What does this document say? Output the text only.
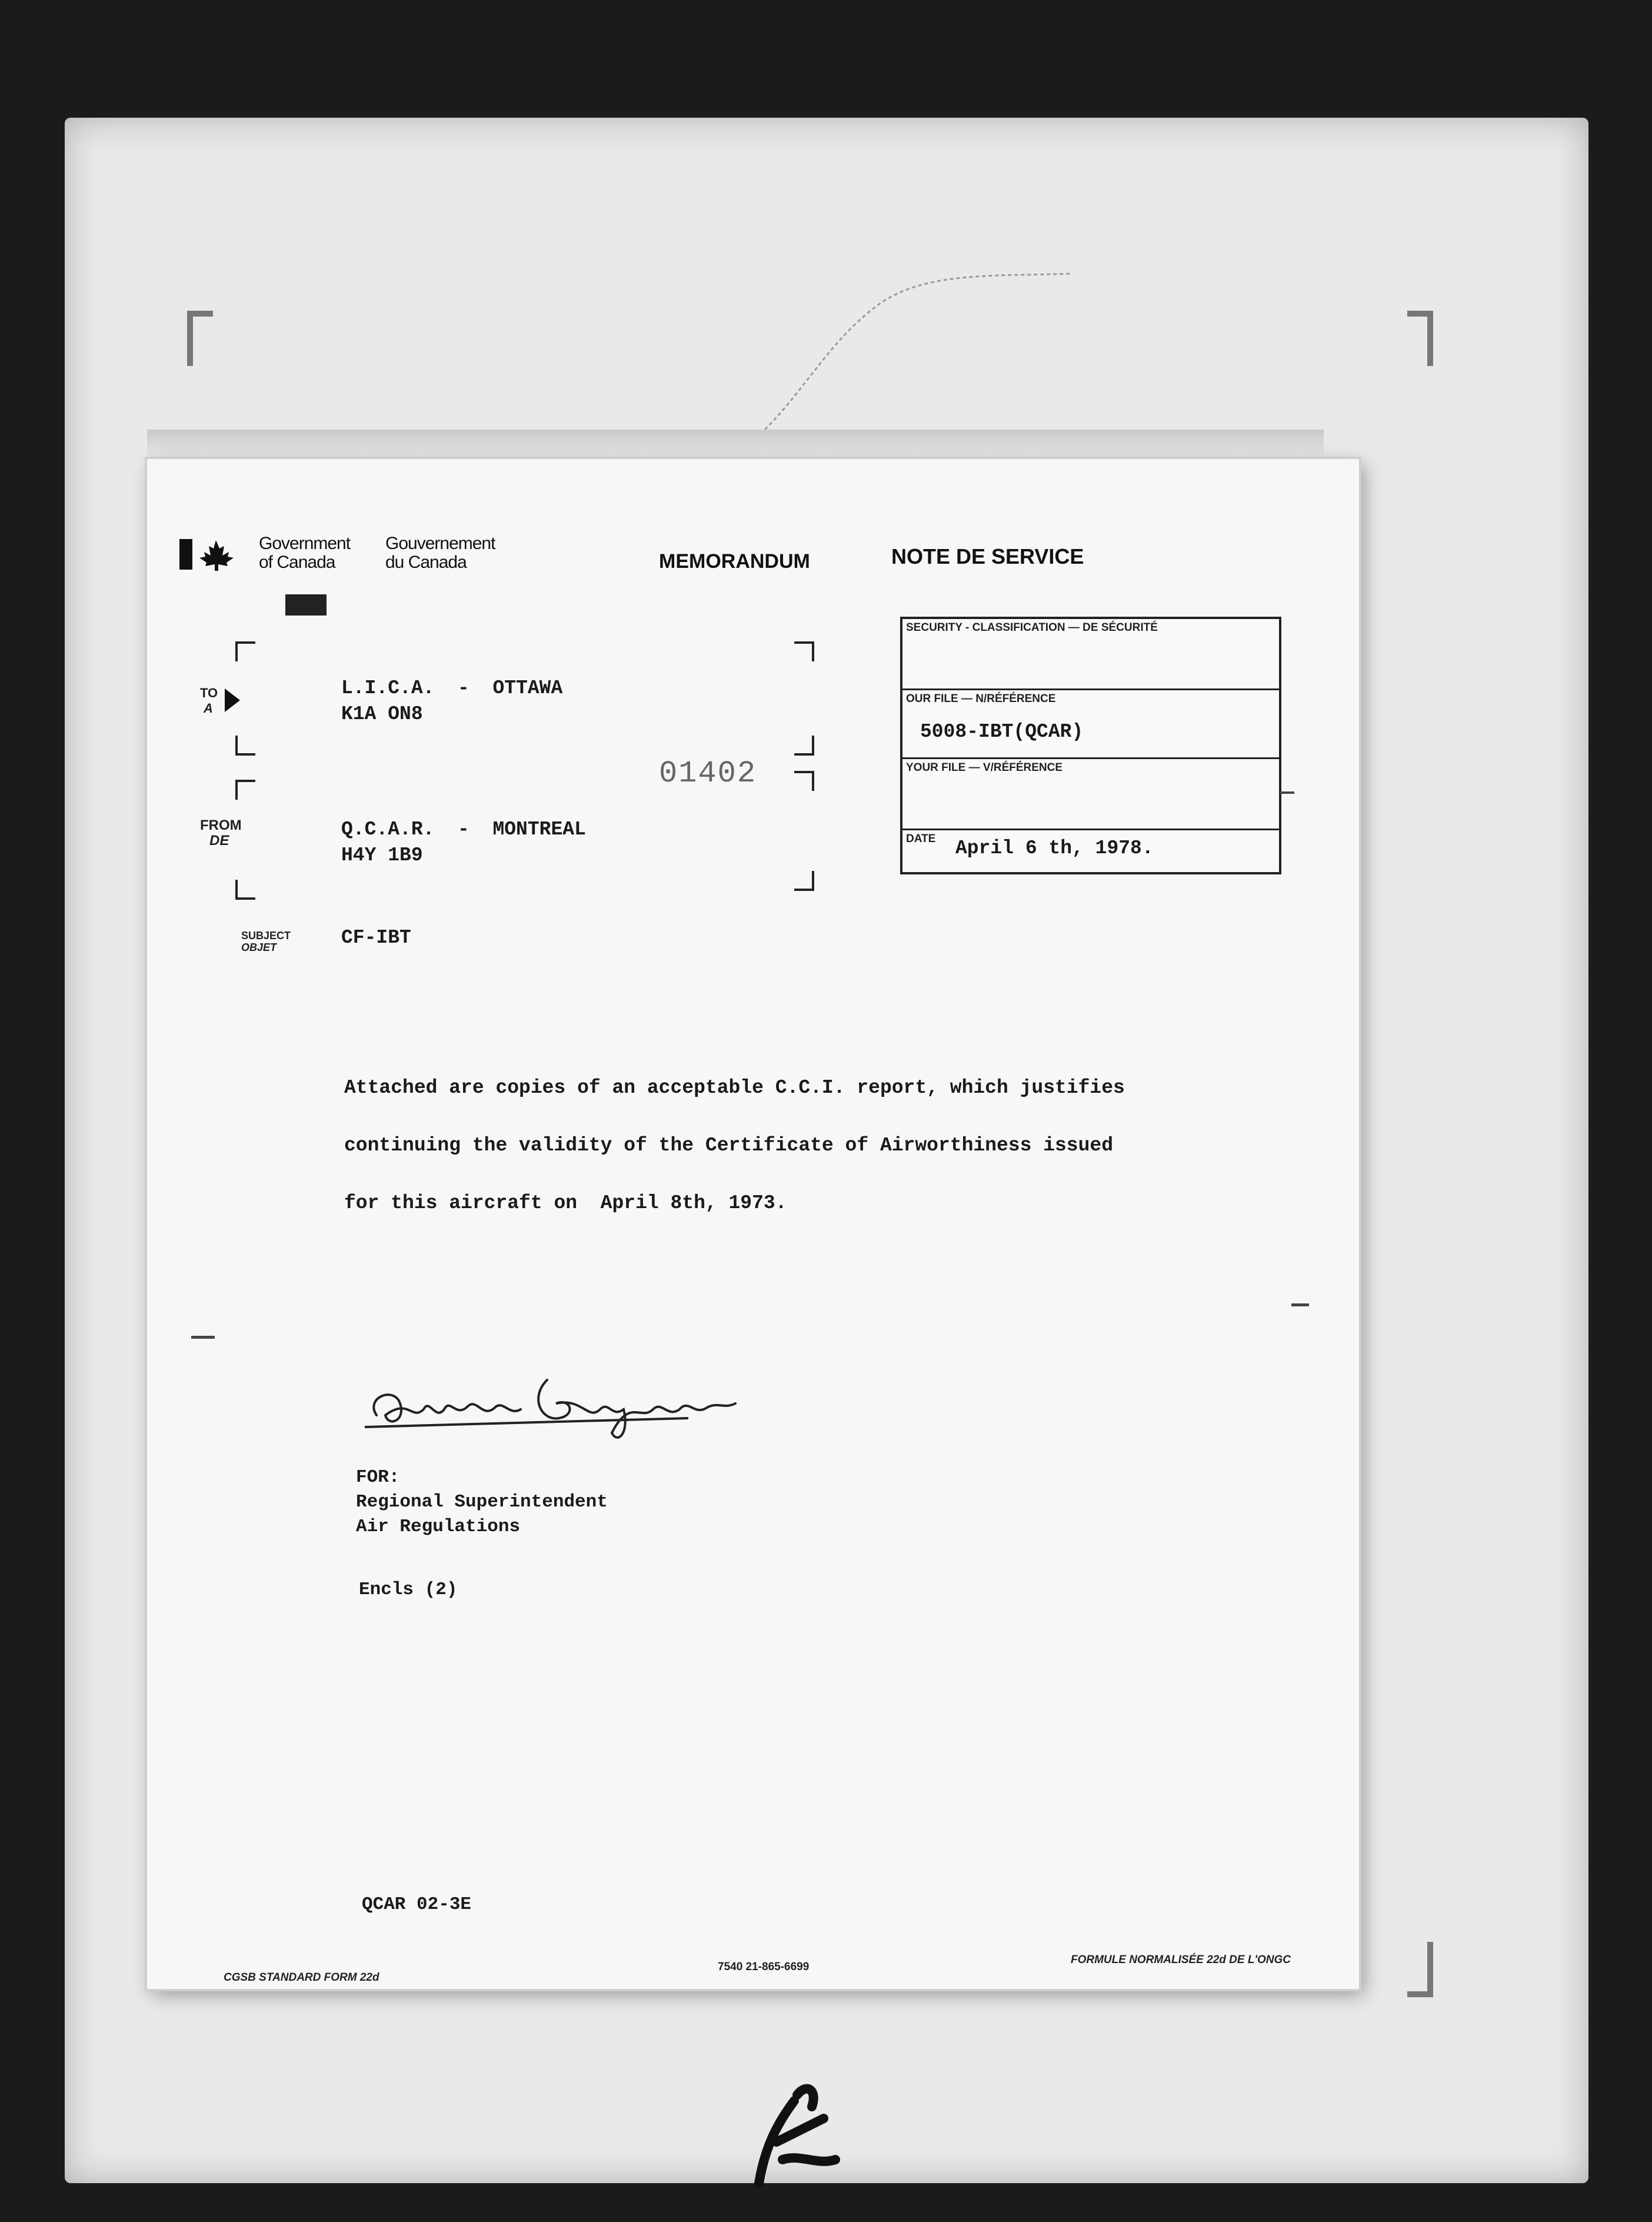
Government
of Canada
Gouvernement
du Canada	MEMORANDUM	NOTE DE SERVICE
TO
A
L.I.C.A.  -  OTTAWA
K1A ON8
01402
FROM
DE
Q.C.A.R.  -  MONTREAL
H4Y 1B9
SUBJECT
OBJET	CF-IBT
SECURITY - CLASSIFICATION — DE SÉCURITÉ
OUR FILE — N/RÉFÉRENCE
5008-IBT(QCAR)
YOUR FILE — V/RÉFÉRENCE
DATE April 6 th, 1978.
Attached are copies of an acceptable C.C.I. report, which justifies
continuing the validity of the Certificate of Airworthiness issued
for this aircraft on  April 8th, 1973.
FOR:
Regional Superintendent
Air Regulations
Encls (2)
QCAR 02-3E
CGSB STANDARD FORM 22d
7540 21-865-6699
FORMULE NORMALISÉE 22d DE L'ONGC
